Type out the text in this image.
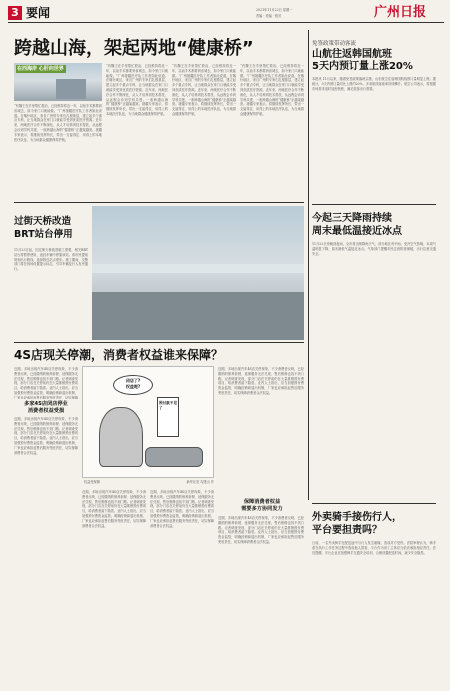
3 要闻	2021年11月22日 星期一
责编 · 美编 · 校对	广州日报
跨越山海，架起两地“健康桥”
在西海岸 心肝向世界
“有魏王在手里帮忙救治，已经维持将近一年，以前手术都要到省城去，如今家门口就能做。”广州援疆医疗队工作者如此说道。在喀什地区，来自广州的专家们扎根基层，建立起多个重点专科，让当地群众在家门口就能享受到优质医疗资源。近年来，两地医疗合作不断深化，从人才培养到技术帮扶，从远程会诊到学科共建，一座跨越山海的“健康桥”正越架越宽。援疆专家表示，将继续发挥所长，带出一支留得住、用得上的本地医疗队伍，为当地群众健康保驾护航。
“有魏王在手里帮忙救治，已经维持将近一年，以前手术都要到省城去，如今家门口就能做。”广州援疆医疗队工作者如此说道。在喀什地区，来自广州的专家们扎根基层，建立起多个重点专科，让当地群众在家门口就能享受到优质医疗资源。近年来，两地医疗合作不断深化，从人才培养到技术帮扶，从远程会诊到学科共建，一座跨越山海的“健康桥”正越架越宽。援疆专家表示，将继续发挥所长，带出一支留得住、用得上的本地医疗队伍，为当地群众健康保驾护航。
“有魏王在手里帮忙救治，已经维持将近一年，以前手术都要到省城去，如今家门口就能做。”广州援疆医疗队工作者如此说道。在喀什地区，来自广州的专家们扎根基层，建立起多个重点专科，让当地群众在家门口就能享受到优质医疗资源。近年来，两地医疗合作不断深化，从人才培养到技术帮扶，从远程会诊到学科共建，一座跨越山海的“健康桥”正越架越宽。援疆专家表示，将继续发挥所长，带出一支留得住、用得上的本地医疗队伍，为当地群众健康保驾护航。
“有魏王在手里帮忙救治，已经维持将近一年，以前手术都要到省城去，如今家门口就能做。”广州援疆医疗队工作者如此说道。在喀什地区，来自广州的专家们扎根基层，建立起多个重点专科，让当地群众在家门口就能享受到优质医疗资源。近年来，两地医疗合作不断深化，从人才培养到技术帮扶，从远程会诊到学科共建，一座跨越山海的“健康桥”正越架越宽。援疆专家表示，将继续发挥所长，带出一支留得住、用得上的本地医疗队伍，为当地群众健康保驾护航。
免签政策带动客流
山航往返韩国航班
5天内预订量上涨20%
本报讯 11月以来，随着免签政策落地实施，山东航空往返韩国航线预订量明显上涨。据统计，5天内预订量同比上涨约20%，多条航线客座率持续攀升。航空公司表示，将根据市场需求适时加密航班，满足旅客出行需要。
过街天桥改造
BRT站台停用
11月23日起，因过街天桥改造施工需要，相关BRT站台将暂停使用，途经车辆不停靠该站。请市民提前规划出行路线，选择附近站点乘车。施工期间，交警部门将在现场设置提示标志，引导车辆及行人有序通行。
今起三天降雨持续
周末最低温接近冰点
11月22日傍晚到夜间，全市将出现降雨天气，部分地区有中雨。受冷空气影响，本周气温明显下降，周末最低气温接近冰点。气象部门提醒市民注意防寒保暖，出行注意交通安全。
4S店现关停潮，消费者权益谁来保障？
近期，多地出现汽车4S店关停现象，不少消费者反映，已经缴纳的保养套餐、延保服务无法兑现，售后维修也找不到门路。记者调查发现，部分门店在关停前仍在大量推销预付费项目，给消费者留下隐患。业内人士指出，应当加强预付费资金监管，明确经销商退出机制，厂家也应承担起售后服务兜底责任，切实保障
多家4S店闭店停业
消费者权益受损
近期，多地出现汽车4S店关停现象，不少消费者反映，已经缴纳的保养套餐、延保服务无法兑现，售后维修也找不到门路。记者调查发现，部分门店在关停前仍在大量推销预付费项目，给消费者留下隐患。业内人士指出，应当加强预付费资金监管，明确经销商退出机制，厂家也应承担起售后服务兜底责任，切实保障消费者合法权益。
闭店了?
权益呢?
预付款不见了
权益受保障	新华社发 勾建山 作
近期，多地出现汽车4S店关停现象，不少消费者反映，已经缴纳的保养套餐、延保服务无法兑现，售后维修也找不到门路。记者调查发现，部分门店在关停前仍在大量推销预付费项目，给消费者留下隐患。业内人士指出，应当加强预付费资金监管，明确经销商退出机制，厂家也应承担起售后服务兜底责任，切实保障消费者合法权益。
近期，多地出现汽车4S店关停现象，不少消费者反映，已经缴纳的保养套餐、延保服务无法兑现，售后维修也找不到门路。记者调查发现，部分门店在关停前仍在大量推销预付费项目，给消费者留下隐患。业内人士指出，应当加强预付费资金监管，明确经销商退出机制，厂家也应承担起售后服务兜底责任，切实保障消费者合法权益。
近期，多地出现汽车4S店关停现象，不少消费者反映，已经缴纳的保养套餐、延保服务无法兑现，售后维修也找不到门路。记者调查发现，部分门店在关停前仍在大量推销预付费项目，给消费者留下隐患。业内人士指出，应当加强预付费资金监管，明确经销商退出机制，厂家也应承担起售后服务兜底责任，切实保障消费者合法权益。
保障消费者权益
需要多方协同发力
近期，多地出现汽车4S店关停现象，不少消费者反映，已经缴纳的保养套餐、延保服务无法兑现，售后维修也找不到门路。记者调查发现，部分门店在关停前仍在大量推销预付费项目，给消费者留下隐患。业内人士指出，应当加强预付费资金监管，明确经销商退出机制，厂家也应承担起售后服务兜底责任，切实保障消费者合法权益。
外卖骑手接伤行人，
平台要担责吗？
日前，一名外卖骑手在配送途中与行人发生碰撞，造成对方受伤。法院审理认为，骑手系在执行工作任务过程中造成他人损害，平台作为用工主体应当依法承担相应责任。法官提醒，平台企业应加强骑手交通安全培训，合理设置配送时间，减少安全隐患。
